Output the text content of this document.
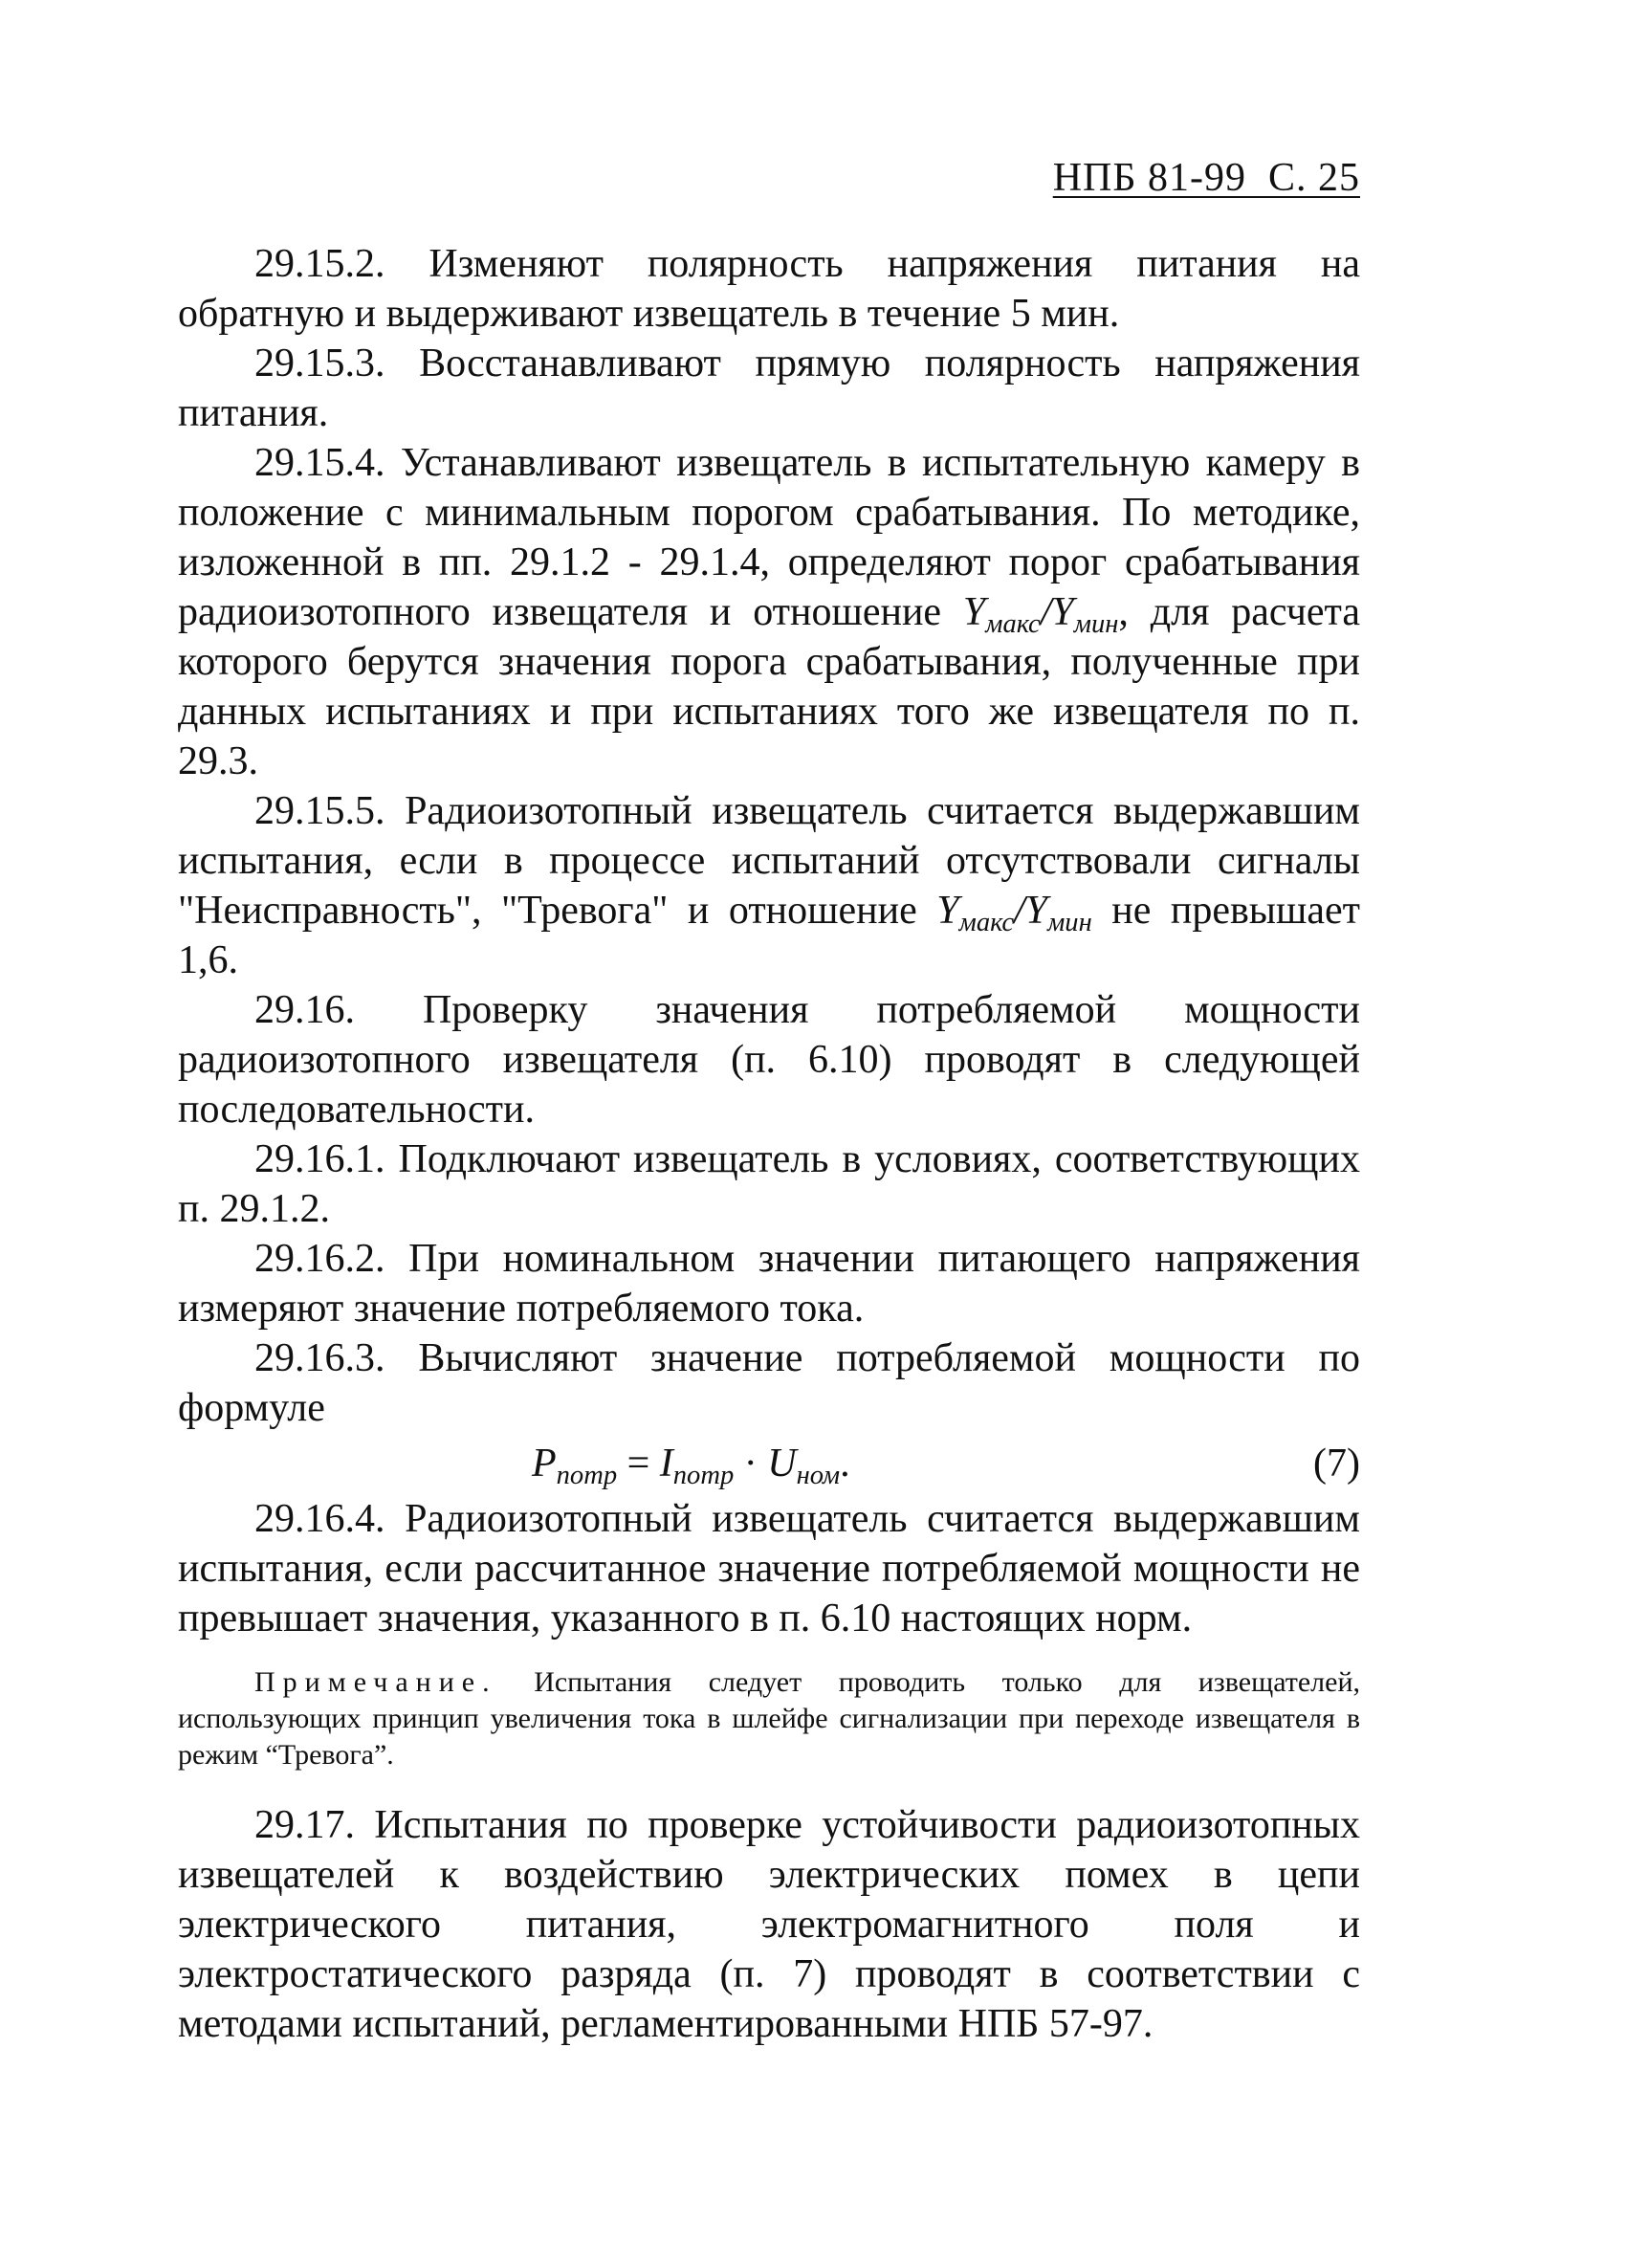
НПБ 81-99 С. 25

29.15.2. Изменяют полярность напряжения питания на обратную и выдерживают извещатель в течение 5 мин.

29.15.3. Восстанавливают прямую полярность напряжения питания.

29.15.4. Устанавливают извещатель в испытательную камеру в положение с минимальным порогом срабатывания. По методике, изложенной в пп. 29.1.2 - 29.1.4, определяют порог срабатывания радиоизотопного извещателя и отношение $Y_{макс}/Y_{мин}$, для расчета которого берутся значения порога срабатывания, полученные при данных испытаниях и при испытаниях того же извещателя по п. 29.3.

29.15.5. Радиоизотопный извещатель считается выдержавшим испытания, если в процессе испытаний отсутствовали сигналы "Неисправность", "Тревога" и отношение $Y_{макс}/Y_{мин}$ не превышает 1,6.

29.16. Проверку значения потребляемой мощности радиоизотопного извещателя (п. 6.10) проводят в следующей последовательности.

29.16.1. Подключают извещатель в условиях, соответствующих п. 29.1.2.

29.16.2. При номинальном значении питающего напряжения измеряют значение потребляемого тока.

29.16.3. Вычисляют значение потребляемой мощности по формуле

$P_{потр} = I_{потр} \cdot U_{ном}$.	(7)

29.16.4. Радиоизотопный извещатель считается выдержавшим испытания, если рассчитанное значение потребляемой мощности не превышает значения, указанного в п. 6.10 настоящих норм.

Примечание. Испытания следует проводить только для извещателей, использующих принцип увеличения тока в шлейфе сигнализации при переходе извещателя в режим “Тревога”.

29.17. Испытания по проверке устойчивости радиоизотопных извещателей к воздействию электрических помех в цепи электрического питания, электромагнитного поля и электростатического разряда (п. 7) проводят в соответствии с методами испытаний, регламентированными НПБ 57-97.
